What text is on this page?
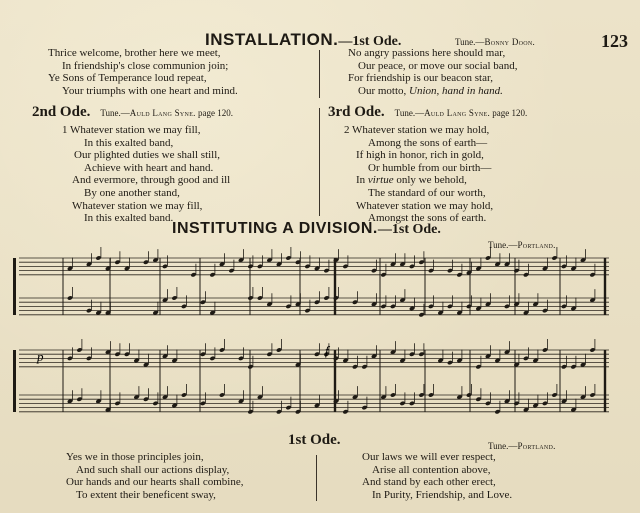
INSTALLATION.—1st Ode.	Tune.—Bonny Doon.	123
Thrice welcome, brother here we meet,
In friendship's close communion join;
Ye Sons of Temperance loud repeat,
Your triumphs with one heart and mind.
No angry passions here should mar,
Our peace, or move our social band,
For friendship is our beacon star,
Our motto, Union, hand in hand.
2nd Ode. Tune.—Auld Lang Syne. page 120.
1 Whatever station we may fill,
In this exalted band,
Our plighted duties we shall still,
Achieve with heart and hand.
And evermore, through good and ill
By one another stand,
Whatever station we may fill,
In this exalted band.
3rd Ode. Tune.—Auld Lang Syne. page 120.
2 Whatever station we may hold,
Among the sons of earth—
If high in honor, rich in gold,
Or humble from our birth—
In virtue only we behold,
The standard of our worth,
Whatever station we may hold,
Amongst the sons of earth.
INSTITUTING A DIVISION.—1st Ode.
Tune.—Portland.
p	f
1st Ode.	Tune.—Portland.
Yes we in those principles join,
And such shall our actions display,
Our hands and our hearts shall combine,
To extent their beneficent sway,
Our laws we will ever respect,
Arise all contention above,
And stand by each other erect,
In Purity, Friendship, and Love.
